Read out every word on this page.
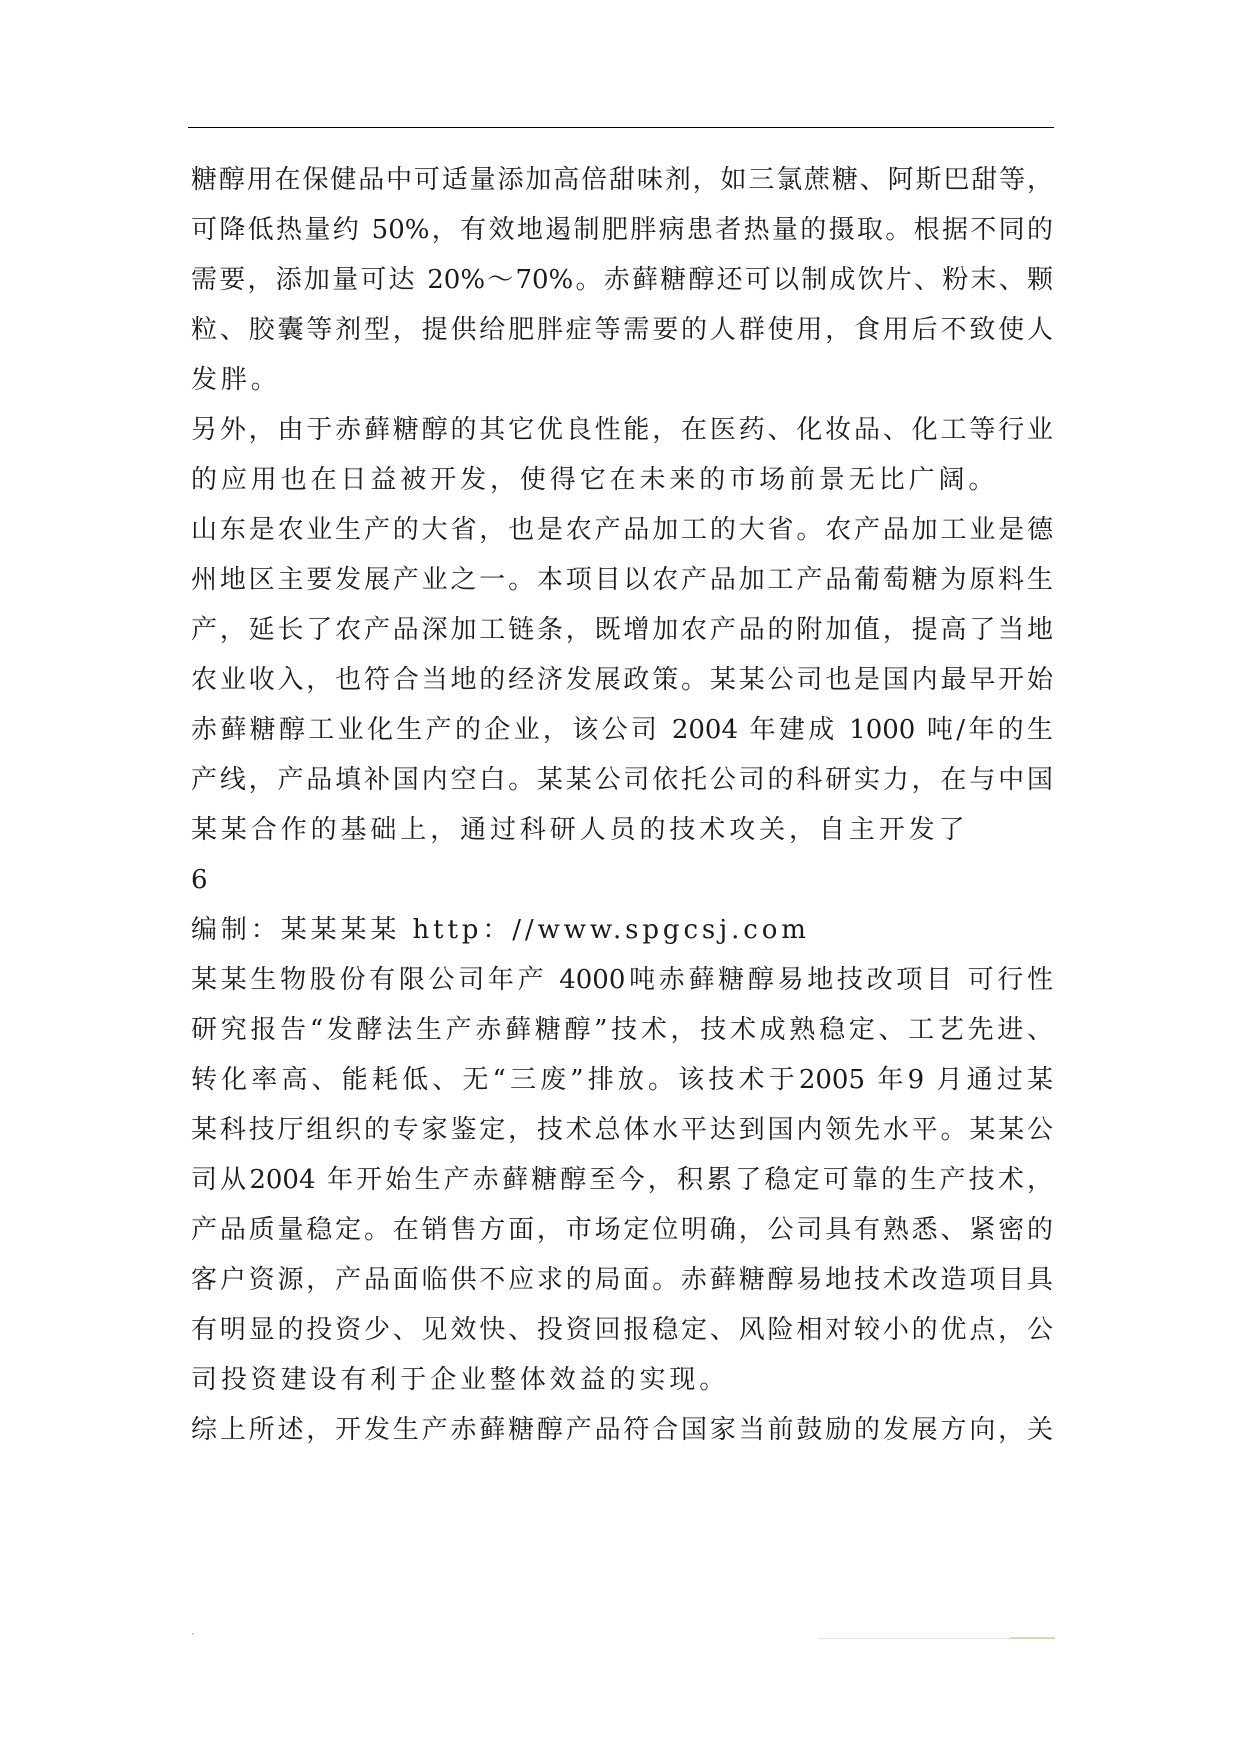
糖醇用在保健品中可适量添加高倍甜味剂，如三氯蔗糖、阿斯巴甜等，
可降低热量约 50%，有效地遏制肥胖病患者热量的摄取。根据不同的
需要，添加量可达 20%～70%。赤藓糖醇还可以制成饮片、粉末、颗
粒、胶囊等剂型，提供给肥胖症等需要的人群使用，食用后不致使人
发胖。
另外，由于赤藓糖醇的其它优良性能，在医药、化妆品、化工等行业
的应用也在日益被开发，使得它在未来的市场前景无比广阔。
山东是农业生产的大省，也是农产品加工的大省。农产品加工业是德
州地区主要发展产业之一。本项目以农产品加工产品葡萄糖为原料生
产，延长了农产品深加工链条，既增加农产品的附加值，提高了当地
农业收入，也符合当地的经济发展政策。某某公司也是国内最早开始
赤藓糖醇工业化生产的企业，该公司 2004 年建成 1000 吨/年的生
产线，产品填补国内空白。某某公司依托公司的科研实力，在与中国
某某合作的基础上，通过科研人员的技术攻关，自主开发了
6
编制：某某某某 http：//www.spgcsj.com
某某生物股份有限公司年产 4000吨赤藓糖醇易地技改项目 可行性
研究报告“发酵法生产赤藓糖醇”技术，技术成熟稳定、工艺先进、
转化率高、能耗低、无“三废”排放。该技术于2005 年9 月通过某
某科技厅组织的专家鉴定，技术总体水平达到国内领先水平。某某公
司从2004 年开始生产赤藓糖醇至今，积累了稳定可靠的生产技术，
产品质量稳定。在销售方面，市场定位明确，公司具有熟悉、紧密的
客户资源，产品面临供不应求的局面。赤藓糖醇易地技术改造项目具
有明显的投资少、见效快、投资回报稳定、风险相对较小的优点，公
司投资建设有利于企业整体效益的实现。
综上所述，开发生产赤藓糖醇产品符合国家当前鼓励的发展方向，关
